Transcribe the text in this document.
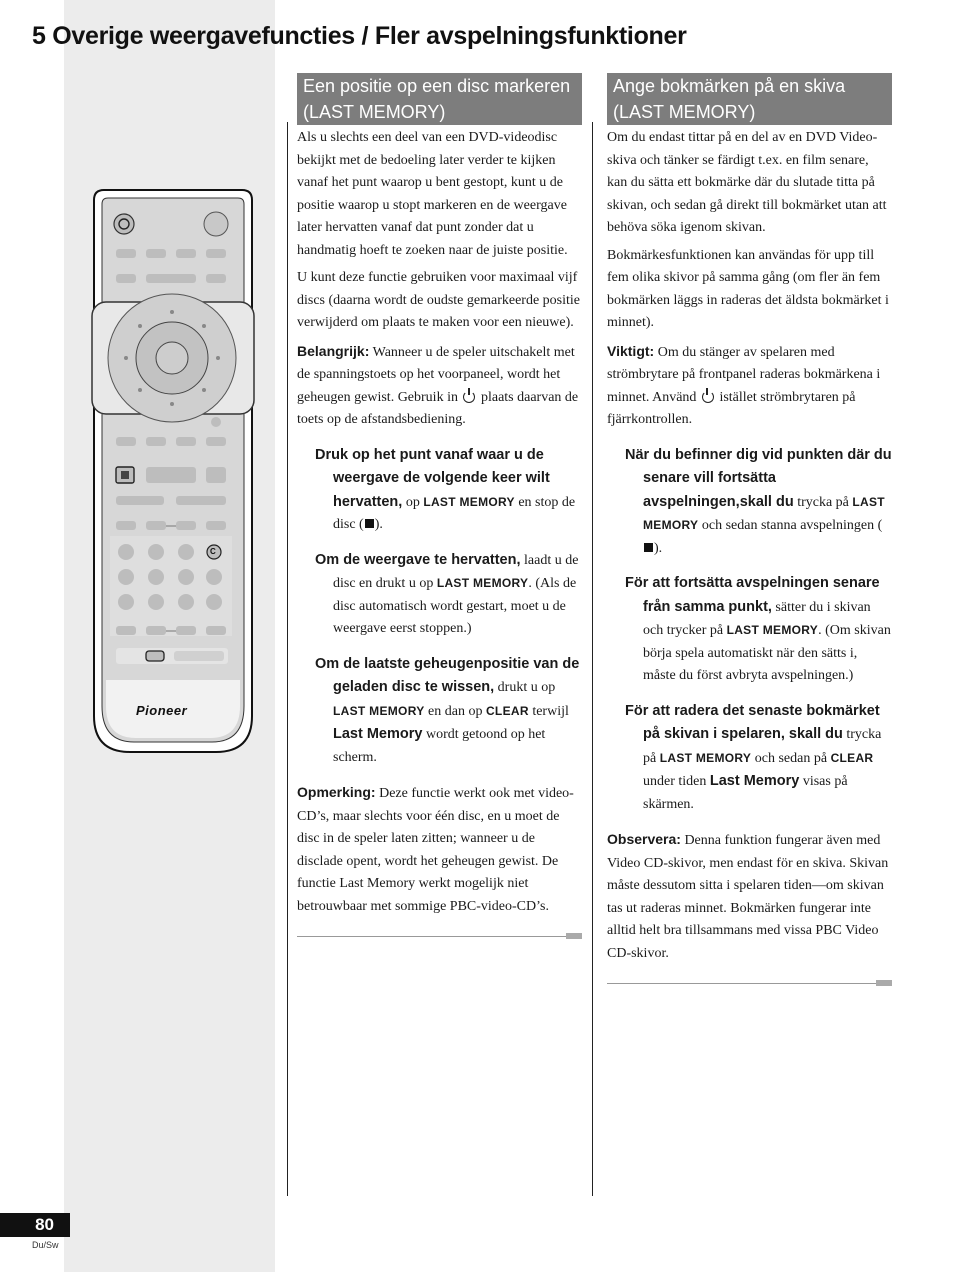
5 Overige weergavefuncties / Fler avspelningsfunktioner
C
Pioneer
Een positie op een disc markeren (LAST MEMORY)

Als u slechts een deel van een DVD-videodisc bekijkt met de bedoeling later verder te kijken vanaf het punt waarop u bent gestopt, kunt u de positie waarop u stopt markeren en de weergave later hervatten vanaf dat punt zonder dat u handmatig hoeft te zoeken naar de juiste positie.

U kunt deze functie gebruiken voor maximaal vijf discs (daarna wordt de oudste gemarkeerde positie verwijderd om plaats te maken voor een nieuwe).

Belangrijk: Wanneer u de speler uitschakelt met de spanningstoets op het voorpaneel, wordt het geheugen gewist. Gebruik in  plaats daarvan de toets op de afstandsbediening.

Druk op het punt vanaf waar u de weergave de volgende keer wilt hervatten, op LAST MEMORY en stop de disc ( ).

Om de weergave te hervatten, laadt u de disc en drukt u op LAST MEMORY. (Als de disc automatisch wordt gestart, moet u de weergave eerst stoppen.)

Om de laatste geheugenpositie van de geladen disc te wissen, drukt u op LAST MEMORY en dan op CLEAR terwijl Last Memory wordt getoond op het scherm.

Opmerking: Deze functie werkt ook met video-CD’s, maar slechts voor één disc, en u moet de disc in de speler laten zitten; wanneer u de disclade opent, wordt het geheugen gewist. De functie Last Memory werkt mogelijk niet betrouwbaar met sommige PBC-video-CD’s.

Ange bokmärken på en skiva (LAST MEMORY)

Om du endast tittar på en del av en DVD Video-skiva och tänker se färdigt t.ex. en film senare, kan du sätta ett bokmärke där du slutade titta på skivan, och sedan gå direkt till bokmärket utan att behöva söka igenom skivan.

Bokmärkesfunktionen kan användas för upp till fem olika skivor på samma gång (om fler än fem bokmärken läggs in raderas det äldsta bokmärket i minnet).

Viktigt: Om du stänger av spelaren med strömbrytare på frontpanel raderas bokmärkena i minnet. Använd  istället strömbrytaren på fjärrkontrollen.

När du befinner dig vid punkten där du senare vill fortsätta avspelningen,skall du trycka på LAST MEMORY och sedan stanna avspelningen ().

För att fortsätta avspelningen senare från samma punkt, sätter du i skivan och trycker på LAST MEMORY. (Om skivan börja spela automatiskt när den sätts i, måste du först avbryta avspelningen.)

För att radera det senaste bokmärket på skivan i spelaren, skall du trycka på LAST MEMORY och sedan på CLEAR under tiden Last Memory visas på skärmen.

Observera: Denna funktion fungerar även med Video CD-skivor, men endast för en skiva. Skivan måste dessutom sitta i spelaren tiden—om skivan tas ut raderas minnet. Bokmärken fungerar inte alltid helt bra tillsammans med vissa PBC Video CD-skivor.

80
Du/Sw
